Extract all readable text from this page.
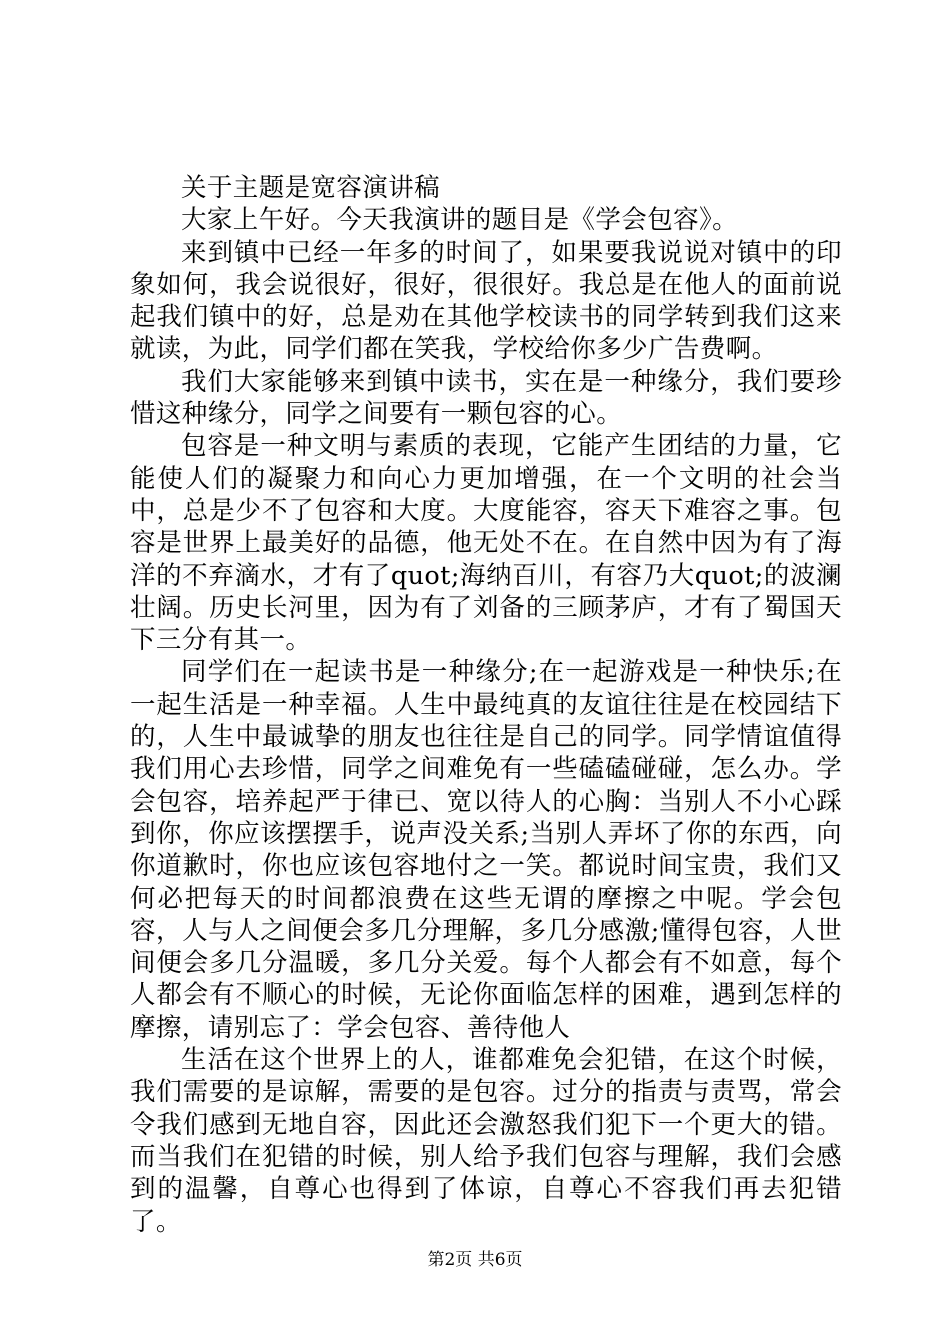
关于主题是宽容演讲稿

大家上午好。今天我演讲的题目是《学会包容》。

来到镇中已经一年多的时间了，如果要我说说对镇中的印象如何，我会说很好，很好，很很好。我总是在他人的面前说起我们镇中的好，总是劝在其他学校读书的同学转到我们这来就读，为此，同学们都在笑我，学校给你多少广告费啊。

我们大家能够来到镇中读书，实在是一种缘分，我们要珍惜这种缘分，同学之间要有一颗包容的心。

包容是一种文明与素质的表现，它能产生团结的力量，它能使人们的凝聚力和向心力更加增强，在一个文明的社会当中，总是少不了包容和大度。大度能容，容天下难容之事。包容是世界上最美好的品德，他无处不在。在自然中因为有了海洋的不弃滴水，才有了quot;海纳百川，有容乃大quot;的波澜壮阔。历史长河里，因为有了刘备的三顾茅庐，才有了蜀国天下三分有其一。

同学们在一起读书是一种缘分;在一起游戏是一种快乐;在一起生活是一种幸福。人生中最纯真的友谊往往是在校园结下的，人生中最诚挚的朋友也往往是自己的同学。同学情谊值得我们用心去珍惜，同学之间难免有一些磕磕碰碰，怎么办。学会包容，培养起严于律已、宽以待人的心胸：当别人不小心踩到你，你应该摆摆手，说声没关系;当别人弄坏了你的东西，向你道歉时，你也应该包容地付之一笑。都说时间宝贵，我们又何必把每天的时间都浪费在这些无谓的摩擦之中呢。学会包容，人与人之间便会多几分理解，多几分感激;懂得包容，人世间便会多几分温暖，多几分关爱。每个人都会有不如意，每个人都会有不顺心的时候，无论你面临怎样的困难，遇到怎样的摩擦，请别忘了：学会包容、善待他人

生活在这个世界上的人，谁都难免会犯错，在这个时候，我们需要的是谅解，需要的是包容。过分的指责与责骂，常会令我们感到无地自容，因此还会激怒我们犯下一个更大的错。而当我们在犯错的时候，别人给予我们包容与理解，我们会感到的温馨，自尊心也得到了体谅，自尊心不容我们再去犯错了。

第2页 共6页
